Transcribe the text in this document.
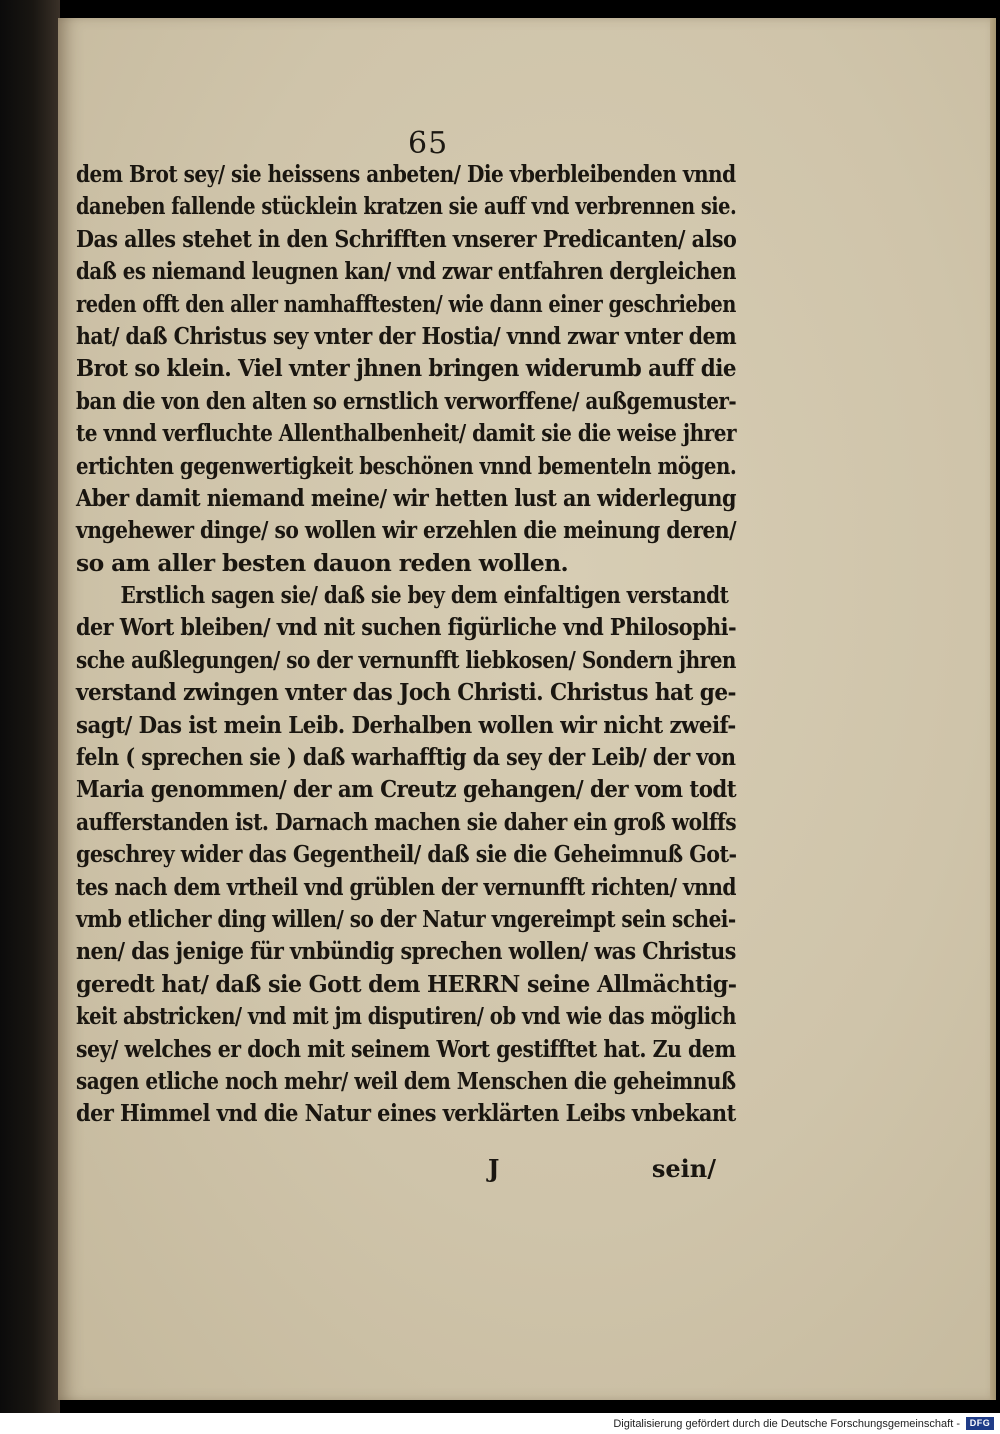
65
dem Brot sey/ sie heissens anbeten/ Die vberbleibenden vnnd
daneben fallende stücklein kratzen sie auff vnd verbrennen sie.
Das alles stehet in den Schrifften vnserer Predicanten/ also
daß es niemand leugnen kan/ vnd zwar entfahren dergleichen
reden offt den aller namhafftesten/ wie dann einer geschrieben
hat/ daß Christus sey vnter der Hostia/ vnnd zwar vnter dem
Brot so klein. Viel vnter jhnen bringen widerumb auff die
ban die von den alten so ernstlich verworffene/ außgemuster-
te vnnd verfluchte Allenthalbenheit/ damit sie die weise jhrer
ertichten gegenwertigkeit beschönen vnnd bementeln mögen.
Aber damit niemand meine/ wir hetten lust an widerlegung
vngehewer dinge/ so wollen wir erzehlen die meinung deren/
so am aller besten dauon reden wollen.
Erstlich sagen sie/ daß sie bey dem einfaltigen verstandt
der Wort bleiben/ vnd nit suchen figürliche vnd Philosophi-
sche außlegungen/ so der vernunfft liebkosen/ Sondern jhren
verstand zwingen vnter das Joch Christi. Christus hat ge-
sagt/ Das ist mein Leib. Derhalben wollen wir nicht zweif-
feln ( sprechen sie ) daß warhafftig da sey der Leib/ der von
Maria genommen/ der am Creutz gehangen/ der vom todt
aufferstanden ist. Darnach machen sie daher ein groß wolffs
geschrey wider das Gegentheil/ daß sie die Geheimnuß Got-
tes nach dem vrtheil vnd grüblen der vernunfft richten/ vnnd
vmb etlicher ding willen/ so der Natur vngereimpt sein schei-
nen/ das jenige für vnbündig sprechen wollen/ was Christus
geredt hat/ daß sie Gott dem HERRN seine Allmächtig-
keit abstricken/ vnd mit jm disputiren/ ob vnd wie das möglich
sey/ welches er doch mit seinem Wort gestifftet hat. Zu dem
sagen etliche noch mehr/ weil dem Menschen die geheimnuß
der Himmel vnd die Natur eines verklärten Leibs vnbekant
J	sein/
Digitalisierung gefördert durch die Deutsche Forschungsgemeinschaft -	DFG
